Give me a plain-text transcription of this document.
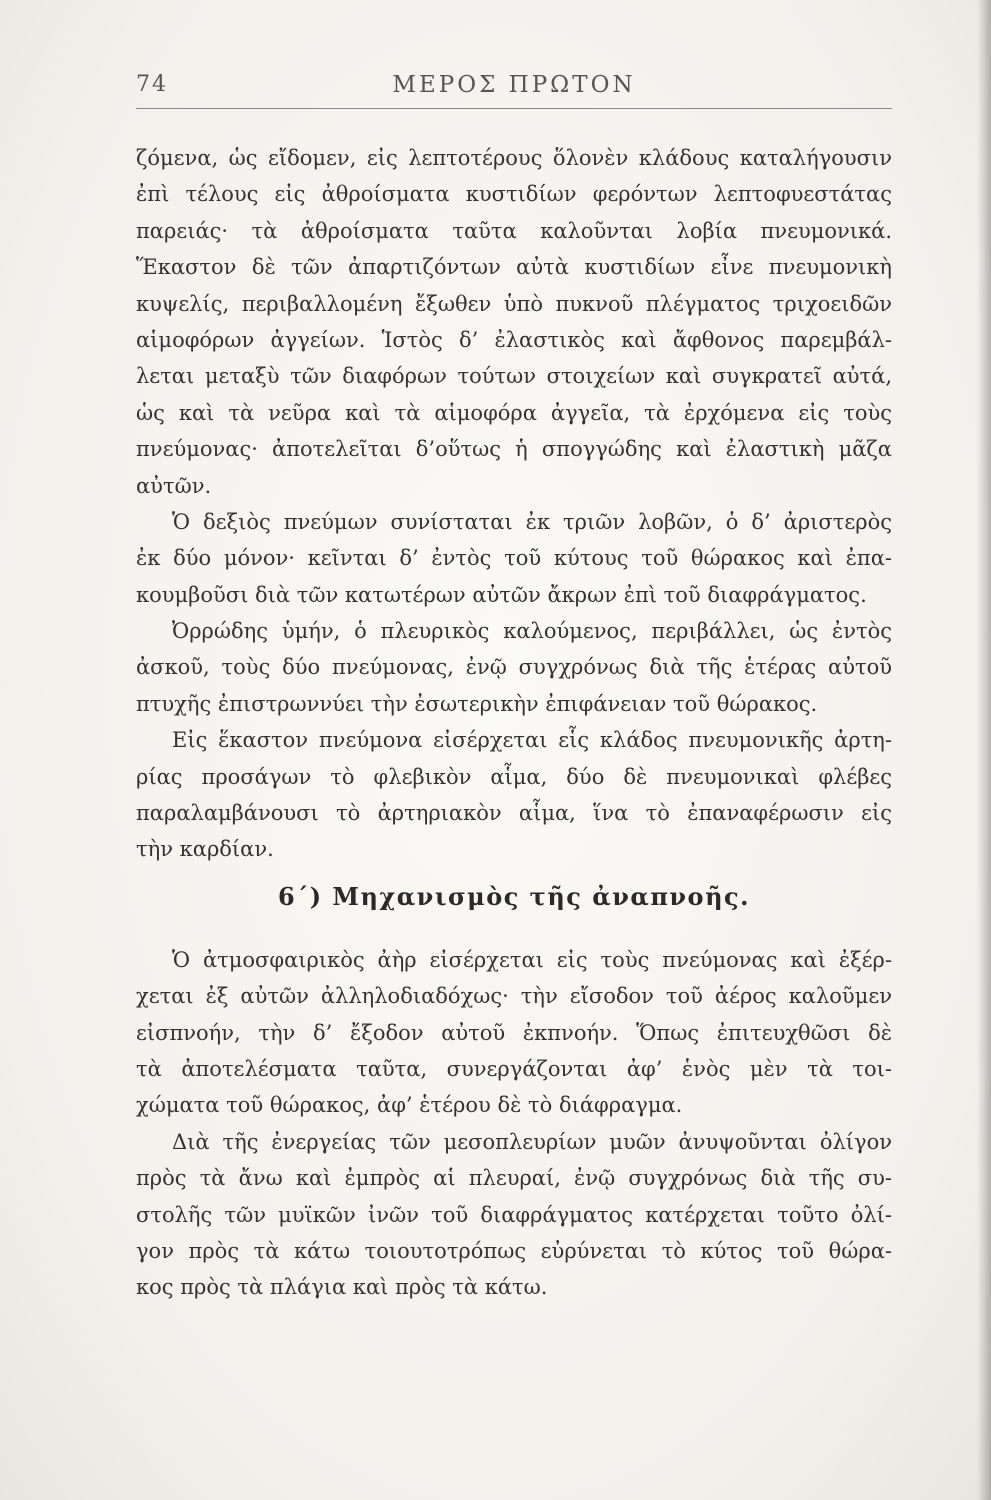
74	ΜΕΡΟΣ ΠΡΩΤΟΝ
ζόμενα, ὡς εἴδομεν, εἰς λεπτοτέρους ὅλονὲν κλάδους καταλήγουσιν
ἐπὶ τέλους εἰς ἀθροίσματα κυστιδίων φερόντων λεπτοφυεστάτας
παρειάς· τὰ ἀθροίσματα ταῦτα καλοῦνται λοβία πνευμονικά.
Ἕκαστον δὲ τῶν ἀπαρτιζόντων αὐτὰ κυστιδίων εἶνε πνευμονικὴ
κυψελίς, περιβαλλομένη ἔξωθεν ὑπὸ πυκνοῦ πλέγματος τριχοειδῶν
αἱμοφόρων ἀγγείων. Ἱστὸς δ’ ἐλαστικὸς καὶ ἄφθονος παρεμβάλ-
λεται μεταξὺ τῶν διαφόρων τούτων στοιχείων καὶ συγκρατεῖ αὐτά,
ὡς καὶ τὰ νεῦρα καὶ τὰ αἱμοφόρα ἀγγεῖα, τὰ ἐρχόμενα εἰς τοὺς
πνεύμονας· ἀποτελεῖται δ’οὕτως ἡ σπογγώδης καὶ ἐλαστικὴ μᾶζα
αὐτῶν.
Ὁ δεξιὸς πνεύμων συνίσταται ἐκ τριῶν λοβῶν, ὁ δ’ ἀριστερὸς
ἐκ δύο μόνον· κεῖνται δ’ ἐντὸς τοῦ κύτους τοῦ θώρακος καὶ ἐπα-
κουμβοῦσι διὰ τῶν κατωτέρων αὐτῶν ἄκρων ἐπὶ τοῦ διαφράγματος.
Ὀρρώδης ὑμήν, ὁ πλευρικὸς καλούμενος, περιβάλλει, ὡς ἐντὸς
ἀσκοῦ, τοὺς δύο πνεύμονας, ἐνῷ συγχρόνως διὰ τῆς ἑτέρας αὐτοῦ
πτυχῆς ἐπιστρωννύει τὴν ἐσωτερικὴν ἐπιφάνειαν τοῦ θώρακος.
Εἰς ἕκαστον πνεύμονα εἰσέρχεται εἷς κλάδος πνευμονικῆς ἀρτη-
ρίας προσάγων τὸ φλεβικὸν αἷμα, δύο δὲ πνευμονικαὶ φλέβες
παραλαμβάνουσι τὸ ἀρτηριακὸν αἷμα, ἵνα τὸ ἐπαναφέρωσιν εἰς
τὴν καρδίαν.
6΄) Μηχανισμὸς τῆς ἀναπνοῆς.
Ὁ ἀτμοσφαιρικὸς ἀὴρ εἰσέρχεται εἰς τοὺς πνεύμονας καὶ ἐξέρ-
χεται ἐξ αὐτῶν ἀλληλοδιαδόχως· τὴν εἴσοδον τοῦ ἀέρος καλοῦμεν
εἰσπνοήν, τὴν δ’ ἔξοδον αὐτοῦ ἐκπνοήν. Ὅπως ἐπιτευχθῶσι δὲ
τὰ ἀποτελέσματα ταῦτα, συνεργάζονται ἀφ’ ἑνὸς μὲν τὰ τοι-
χώματα τοῦ θώρακος, ἀφ’ ἑτέρου δὲ τὸ διάφραγμα.
Διὰ τῆς ἐνεργείας τῶν μεσοπλευρίων μυῶν ἀνυψοῦνται ὀλίγον
πρὸς τὰ ἄνω καὶ ἐμπρὸς αἱ πλευραί, ἐνῷ συγχρόνως διὰ τῆς συ-
στολῆς τῶν μυϊκῶν ἰνῶν τοῦ διαφράγματος κατέρχεται τοῦτο ὀλί-
γον πρὸς τὰ κάτω τοιουτοτρόπως εὐρύνεται τὸ κύτος τοῦ θώρα-
κος πρὸς τὰ πλάγια καὶ πρὸς τὰ κάτω.
